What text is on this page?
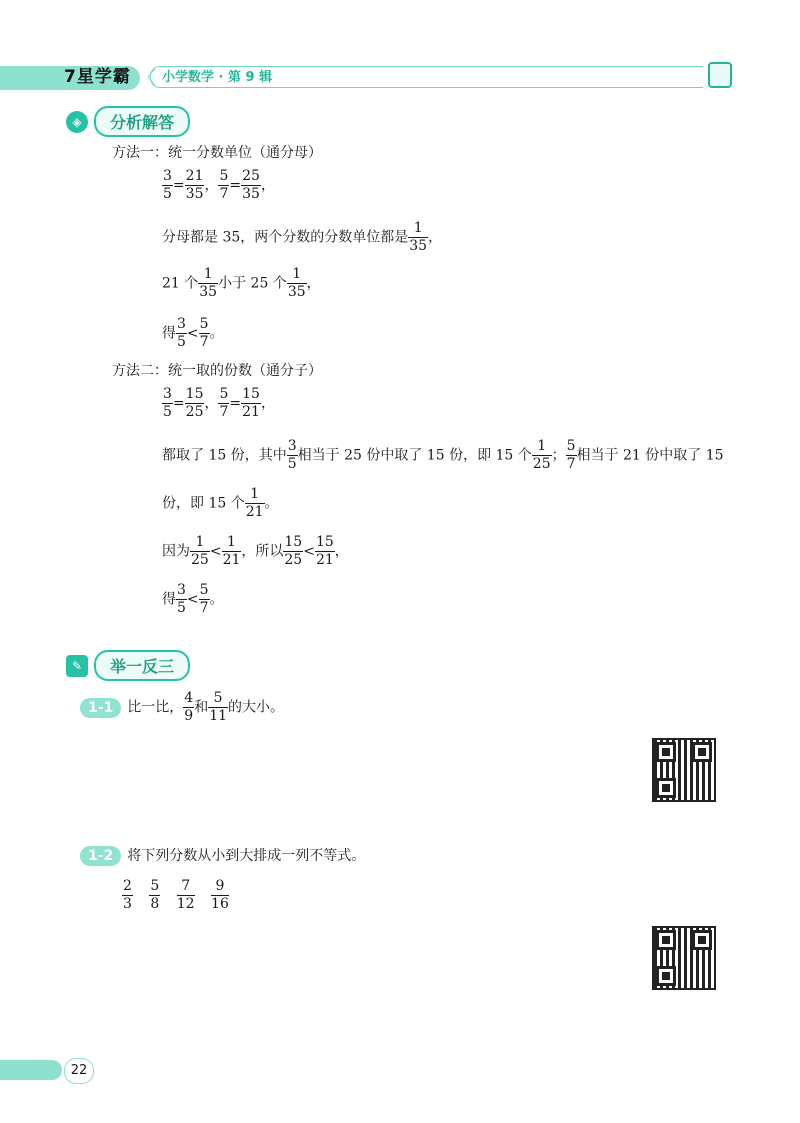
7星学霸 〈 小学数学 · 第 9 辑
◈	分析解答
方法一：统一分数单位（通分母）
$\frac{3}{5} = \frac{21}{35}$ ， $\frac{5}{7} = \frac{25}{35}$ ，
分母都是 35，两个分数的分数单位都是 $\frac{1}{35}$ ，
21 个 $\frac{1}{35}$ 小于 25 个 $\frac{1}{35}$ ，
得 $\frac{3}{5} < \frac{5}{7}$ 。
方法二：统一取的份数（通分子）
$\frac{3}{5} = \frac{15}{25}$ ， $\frac{5}{7} = \frac{15}{21}$ ，
都取了 15 份，其中 $\frac{3}{5}$ 相当于 25 份中取了 15 份，即 15 个 $\frac{1}{25}$ ； $\frac{5}{7}$ 相当于 21 份中取了 15
份，即 15 个 $\frac{1}{21}$ 。
因为 $\frac{1}{25} < \frac{1}{21}$ ，所以 $\frac{15}{25} < \frac{15}{21}$ ，
得 $\frac{3}{5} < \frac{5}{7}$ 。
✎	举一反三
1-1 比一比， $\frac{4}{9}$ 和 $\frac{5}{11}$ 的大小。
1-2 将下列分数从小到大排成一列不等式。
$\frac{2}{3}$
$\frac{5}{8}$
$\frac{7}{12}$
$\frac{9}{16}$
22
